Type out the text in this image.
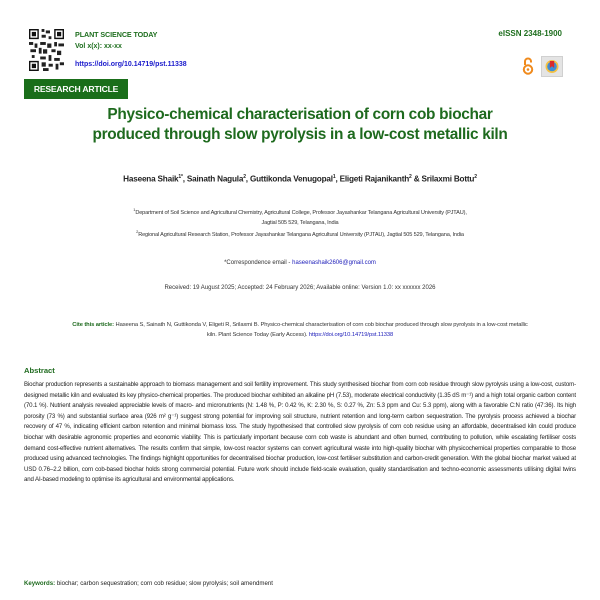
PLANT SCIENCE TODAY
Vol x(x): xx-xx
https://doi.org/10.14719/pst.11338
eISSN 2348-1900
RESEARCH ARTICLE
Physico-chemical characterisation of corn cob biochar
produced through slow pyrolysis in a low-cost metallic kiln
Haseena Shaik$^{1*}$, Sainath Nagula$^2$, Guttikonda Venugopal$^1$, Eligeti Rajanikanth$^2$ & Srilaxmi Bottu$^2$
$^1$Department of Soil Science and Agricultural Chemistry, Agricultural College, Professor Jayashankar Telangana Agricultural University (PJTAU),
Jagtial 505 529, Telangana, India
$^2$Regional Agricultural Research Station, Professor Jayashankar Telangana Agricultural University (PJTAU), Jagtial 505 529, Telangana, India
*Correspondence email - haseenashaik2606@gmail.com
Received: 19 August 2025; Accepted: 24 February 2026; Available online: Version 1.0: xx xxxxxx 2026
Cite this article: Haseena S, Sainath N, Guttikonda V, Eligeti R, Srilaxmi B. Physico-chemical characterisation of corn cob biochar produced through slow pyrolysis in a low-cost metallic kiln. Plant Science Today (Early Access). https://doi.org/10.14719/pst.11338
Abstract
Biochar production represents a sustainable approach to biomass management and soil fertility improvement. This study synthesised biochar from corn cob residue through slow pyrolysis using a low-cost, custom-designed metallic kiln and evaluated its key physico-chemical properties. The produced biochar exhibited an alkaline pH (7.53), moderate electrical conductivity (1.35 dS m⁻¹) and a high total organic carbon content (70.1 %). Nutrient analysis revealed appreciable levels of macro- and micronutrients (N: 1.48 %, P: 0.42 %, K: 2.30 %, S: 0.27 %, Zn: 5.3 ppm and Cu: 5.3 ppm), along with a favorable C:N ratio (47:36). Its high porosity (73 %) and substantial surface area (926 m² g⁻¹) suggest strong potential for improving soil structure, nutrient retention and long-term carbon sequestration. The pyrolysis process achieved a biochar recovery of 47 %, indicating efficient carbon retention and minimal biomass loss. The study hypothesised that controlled slow pyrolysis of corn cob residue using an affordable, decentralised kiln could produce biochar with desirable agronomic properties and economic viability. This is particularly important because corn cob waste is abundant and often burned, contributing to pollution, while escalating fertiliser costs demand cost-effective nutrient alternatives. The results confirm that simple, low-cost reactor systems can convert agricultural waste into high-quality biochar with physicochemical properties comparable to those produced using advanced technologies. The findings highlight opportunities for decentralised biochar production, low-cost fertiliser substitution and carbon-credit generation. With the global biochar market valued at USD 0.76–2.2 billion, corn cob-based biochar holds strong commercial potential. Future work should include field-scale evaluation, quality standardisation and techno-economic assessments utilising digital twins and AI-based modeling to optimise its agricultural and environmental applications.
Keywords: biochar; carbon sequestration; corn cob residue; slow pyrolysis; soil amendment
